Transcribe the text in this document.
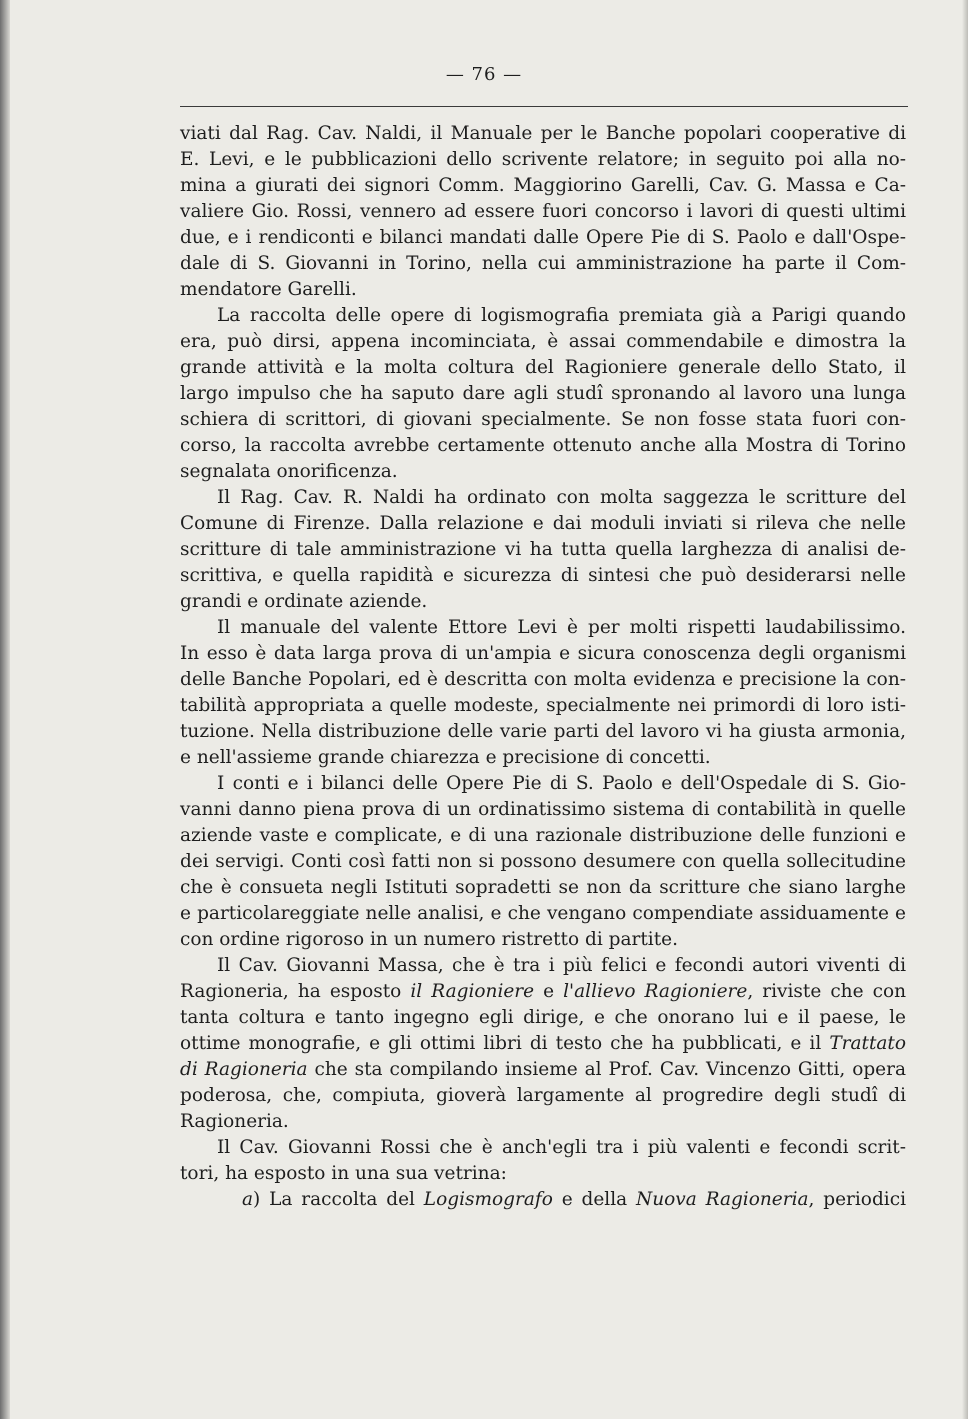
— 76 —
viati dal Rag. Cav. Naldi, il Manuale per le Banche popolari cooperative di
E. Levi, e le pubblicazioni dello scrivente relatore; in seguito poi alla no-
mina a giurati dei signori Comm. Maggiorino Garelli, Cav. G. Massa e Ca-
valiere Gio. Rossi, vennero ad essere fuori concorso i lavori di questi ultimi
due, e i rendiconti e bilanci mandati dalle Opere Pie di S. Paolo e dall'Ospe-
dale di S. Giovanni in Torino, nella cui amministrazione ha parte il Com-
mendatore Garelli.
La raccolta delle opere di logismografia premiata già a Parigi quando
era, può dirsi, appena incominciata, è assai commendabile e dimostra la
grande attività e la molta coltura del Ragioniere generale dello Stato, il
largo impulso che ha saputo dare agli studî spronando al lavoro una lunga
schiera di scrittori, di giovani specialmente. Se non fosse stata fuori con-
corso, la raccolta avrebbe certamente ottenuto anche alla Mostra di Torino
segnalata onorificenza.
Il Rag. Cav. R. Naldi ha ordinato con molta saggezza le scritture del
Comune di Firenze. Dalla relazione e dai moduli inviati si rileva che nelle
scritture di tale amministrazione vi ha tutta quella larghezza di analisi de-
scrittiva, e quella rapidità e sicurezza di sintesi che può desiderarsi nelle
grandi e ordinate aziende.
Il manuale del valente Ettore Levi è per molti rispetti laudabilissimo.
In esso è data larga prova di un'ampia e sicura conoscenza degli organismi
delle Banche Popolari, ed è descritta con molta evidenza e precisione la con-
tabilità appropriata a quelle modeste, specialmente nei primordi di loro isti-
tuzione. Nella distribuzione delle varie parti del lavoro vi ha giusta armonia,
e nell'assieme grande chiarezza e precisione di concetti.
I conti e i bilanci delle Opere Pie di S. Paolo e dell'Ospedale di S. Gio-
vanni danno piena prova di un ordinatissimo sistema di contabilità in quelle
aziende vaste e complicate, e di una razionale distribuzione delle funzioni e
dei servigi. Conti così fatti non si possono desumere con quella sollecitudine
che è consueta negli Istituti sopradetti se non da scritture che siano larghe
e particolareggiate nelle analisi, e che vengano compendiate assiduamente e
con ordine rigoroso in un numero ristretto di partite.
Il Cav. Giovanni Massa, che è tra i più felici e fecondi autori viventi di
Ragioneria, ha esposto il Ragioniere e l'allievo Ragioniere, riviste che con
tanta coltura e tanto ingegno egli dirige, e che onorano lui e il paese, le
ottime monografie, e gli ottimi libri di testo che ha pubblicati, e il Trattato
di Ragioneria che sta compilando insieme al Prof. Cav. Vincenzo Gitti, opera
poderosa, che, compiuta, gioverà largamente al progredire degli studî di
Ragioneria.
Il Cav. Giovanni Rossi che è anch'egli tra i più valenti e fecondi scrit-
tori, ha esposto in una sua vetrina:
a) La raccolta del Logismografo e della Nuova Ragioneria, periodici
